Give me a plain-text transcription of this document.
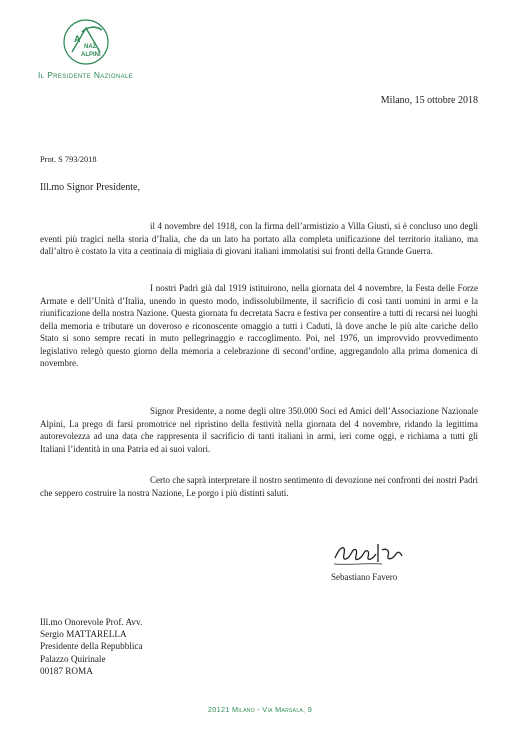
A
NAZ
ALPINI
Il Presidente Nazionale
Milano, 15 ottobre 2018
Prot. S 793/2018
Ill.mo Signor Presidente,

il 4 novembre del 1918, con la firma dell’armistizio a Villa Giusti, si è concluso uno degli eventi più tragici nella storia d’Italia, che da un lato ha portato alla completa unificazione del territorio italiano, ma dall’altro è costato la vita a centinaia di migliaia di giovani italiani immolatisi sui fronti della Grande Guerra.

I nostri Padri già dal 1919 istituirono, nella giornata del 4 novembre, la Festa delle Forze Armate e dell’Unità d’Italia, unendo in questo modo, indissolubilmente, il sacrificio di così tanti uomini in armi e la riunificazione della nostra Nazione. Questa giornata fu decretata Sacra e festiva per consentire a tutti di recarsi nei luoghi della memoria e tributare un doveroso e riconoscente omaggio a tutti i Caduti, là dove anche le più alte cariche dello Stato si sono sempre recati in muto pellegrinaggio e raccoglimento. Poi, nel 1976, un improvvido provvedimento legislativo relegò questo giorno della memoria a celebrazione di second’ordine, aggregandolo alla prima domenica di novembre.

Signor Presidente, a nome degli oltre 350.000 Soci ed Amici dell’Associazione Nazionale Alpini, La prego di farsi promotrice nel ripristino della festività nella giornata del 4 novembre, ridando la legittima autorevolezza ad una data che rappresenta il sacrificio di tanti italiani in armi, ieri come oggi, e richiama a tutti gli Italiani l’identità in una Patria ed ai suoi valori.

Certo che saprà interpretare il nostro sentimento di devozione nei confronti dei nostri Padri che seppero costruire la nostra Nazione, Le porgo i più distinti saluti.

Sebastiano Favero
Ill.mo Onorevole Prof. Avv.
Sergio MATTARELLA
Presidente della Repubblica
Palazzo Quirinale
00187 ROMA
20121 Milano - Via Marsala, 9
